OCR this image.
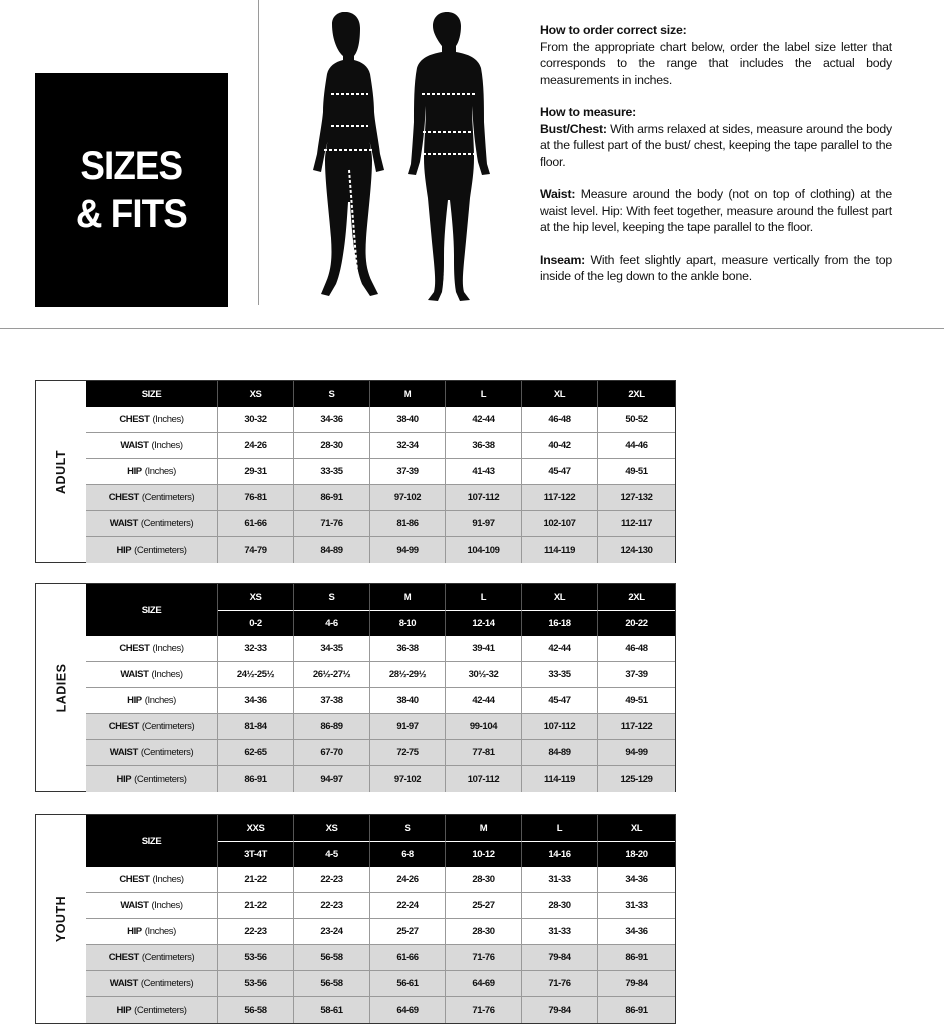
SIZES
& FITS
How to order correct size:
From the appropriate chart below, order the label size letter that corresponds to the range that includes the actual body measurements in inches.
How to measure:
Bust/Chest: With arms relaxed at sides, measure around the body at the fullest part of the bust/ chest, keeping the tape parallel to the floor.
Waist: Measure around the body (not on top of clothing) at the waist level. Hip: With feet together, measure around the fullest part at the hip level, keeping the tape parallel to the floor.
Inseam: With feet slightly apart, measure vertically from the top inside of the leg down to the ankle bone.
ADULT
SIZE	XS	S	M	L	XL	2XL
CHEST (Inches)	30-32	34-36	38-40	42-44	46-48	50-52
WAIST (Inches)	24-26	28-30	32-34	36-38	40-42	44-46
HIP (Inches)	29-31	33-35	37-39	41-43	45-47	49-51
CHEST (Centimeters)	76-81	86-91	97-102	107-112	117-122	127-132
WAIST (Centimeters)	61-66	71-76	81-86	91-97	102-107	112-117
HIP (Centimeters)	74-79	84-89	94-99	104-109	114-119	124-130
LADIES
SIZE
XS	S	M	L	XL	2XL
0-2	4-6	8-10	12-14	16-18	20-22
CHEST (Inches)	32-33	34-35	36-38	39-41	42-44	46-48
WAIST (Inches)	24½-25½	26½-27½	28½-29½	30½-32	33-35	37-39
HIP (Inches)	34-36	37-38	38-40	42-44	45-47	49-51
CHEST (Centimeters)	81-84	86-89	91-97	99-104	107-112	117-122
WAIST (Centimeters)	62-65	67-70	72-75	77-81	84-89	94-99
HIP (Centimeters)	86-91	94-97	97-102	107-112	114-119	125-129
YOUTH
SIZE
XXS	XS	S	M	L	XL
3T-4T	4-5	6-8	10-12	14-16	18-20
CHEST (Inches)	21-22	22-23	24-26	28-30	31-33	34-36
WAIST (Inches)	21-22	22-23	22-24	25-27	28-30	31-33
HIP (Inches)	22-23	23-24	25-27	28-30	31-33	34-36
CHEST (Centimeters)	53-56	56-58	61-66	71-76	79-84	86-91
WAIST (Centimeters)	53-56	56-58	56-61	64-69	71-76	79-84
HIP (Centimeters)	56-58	58-61	64-69	71-76	79-84	86-91
